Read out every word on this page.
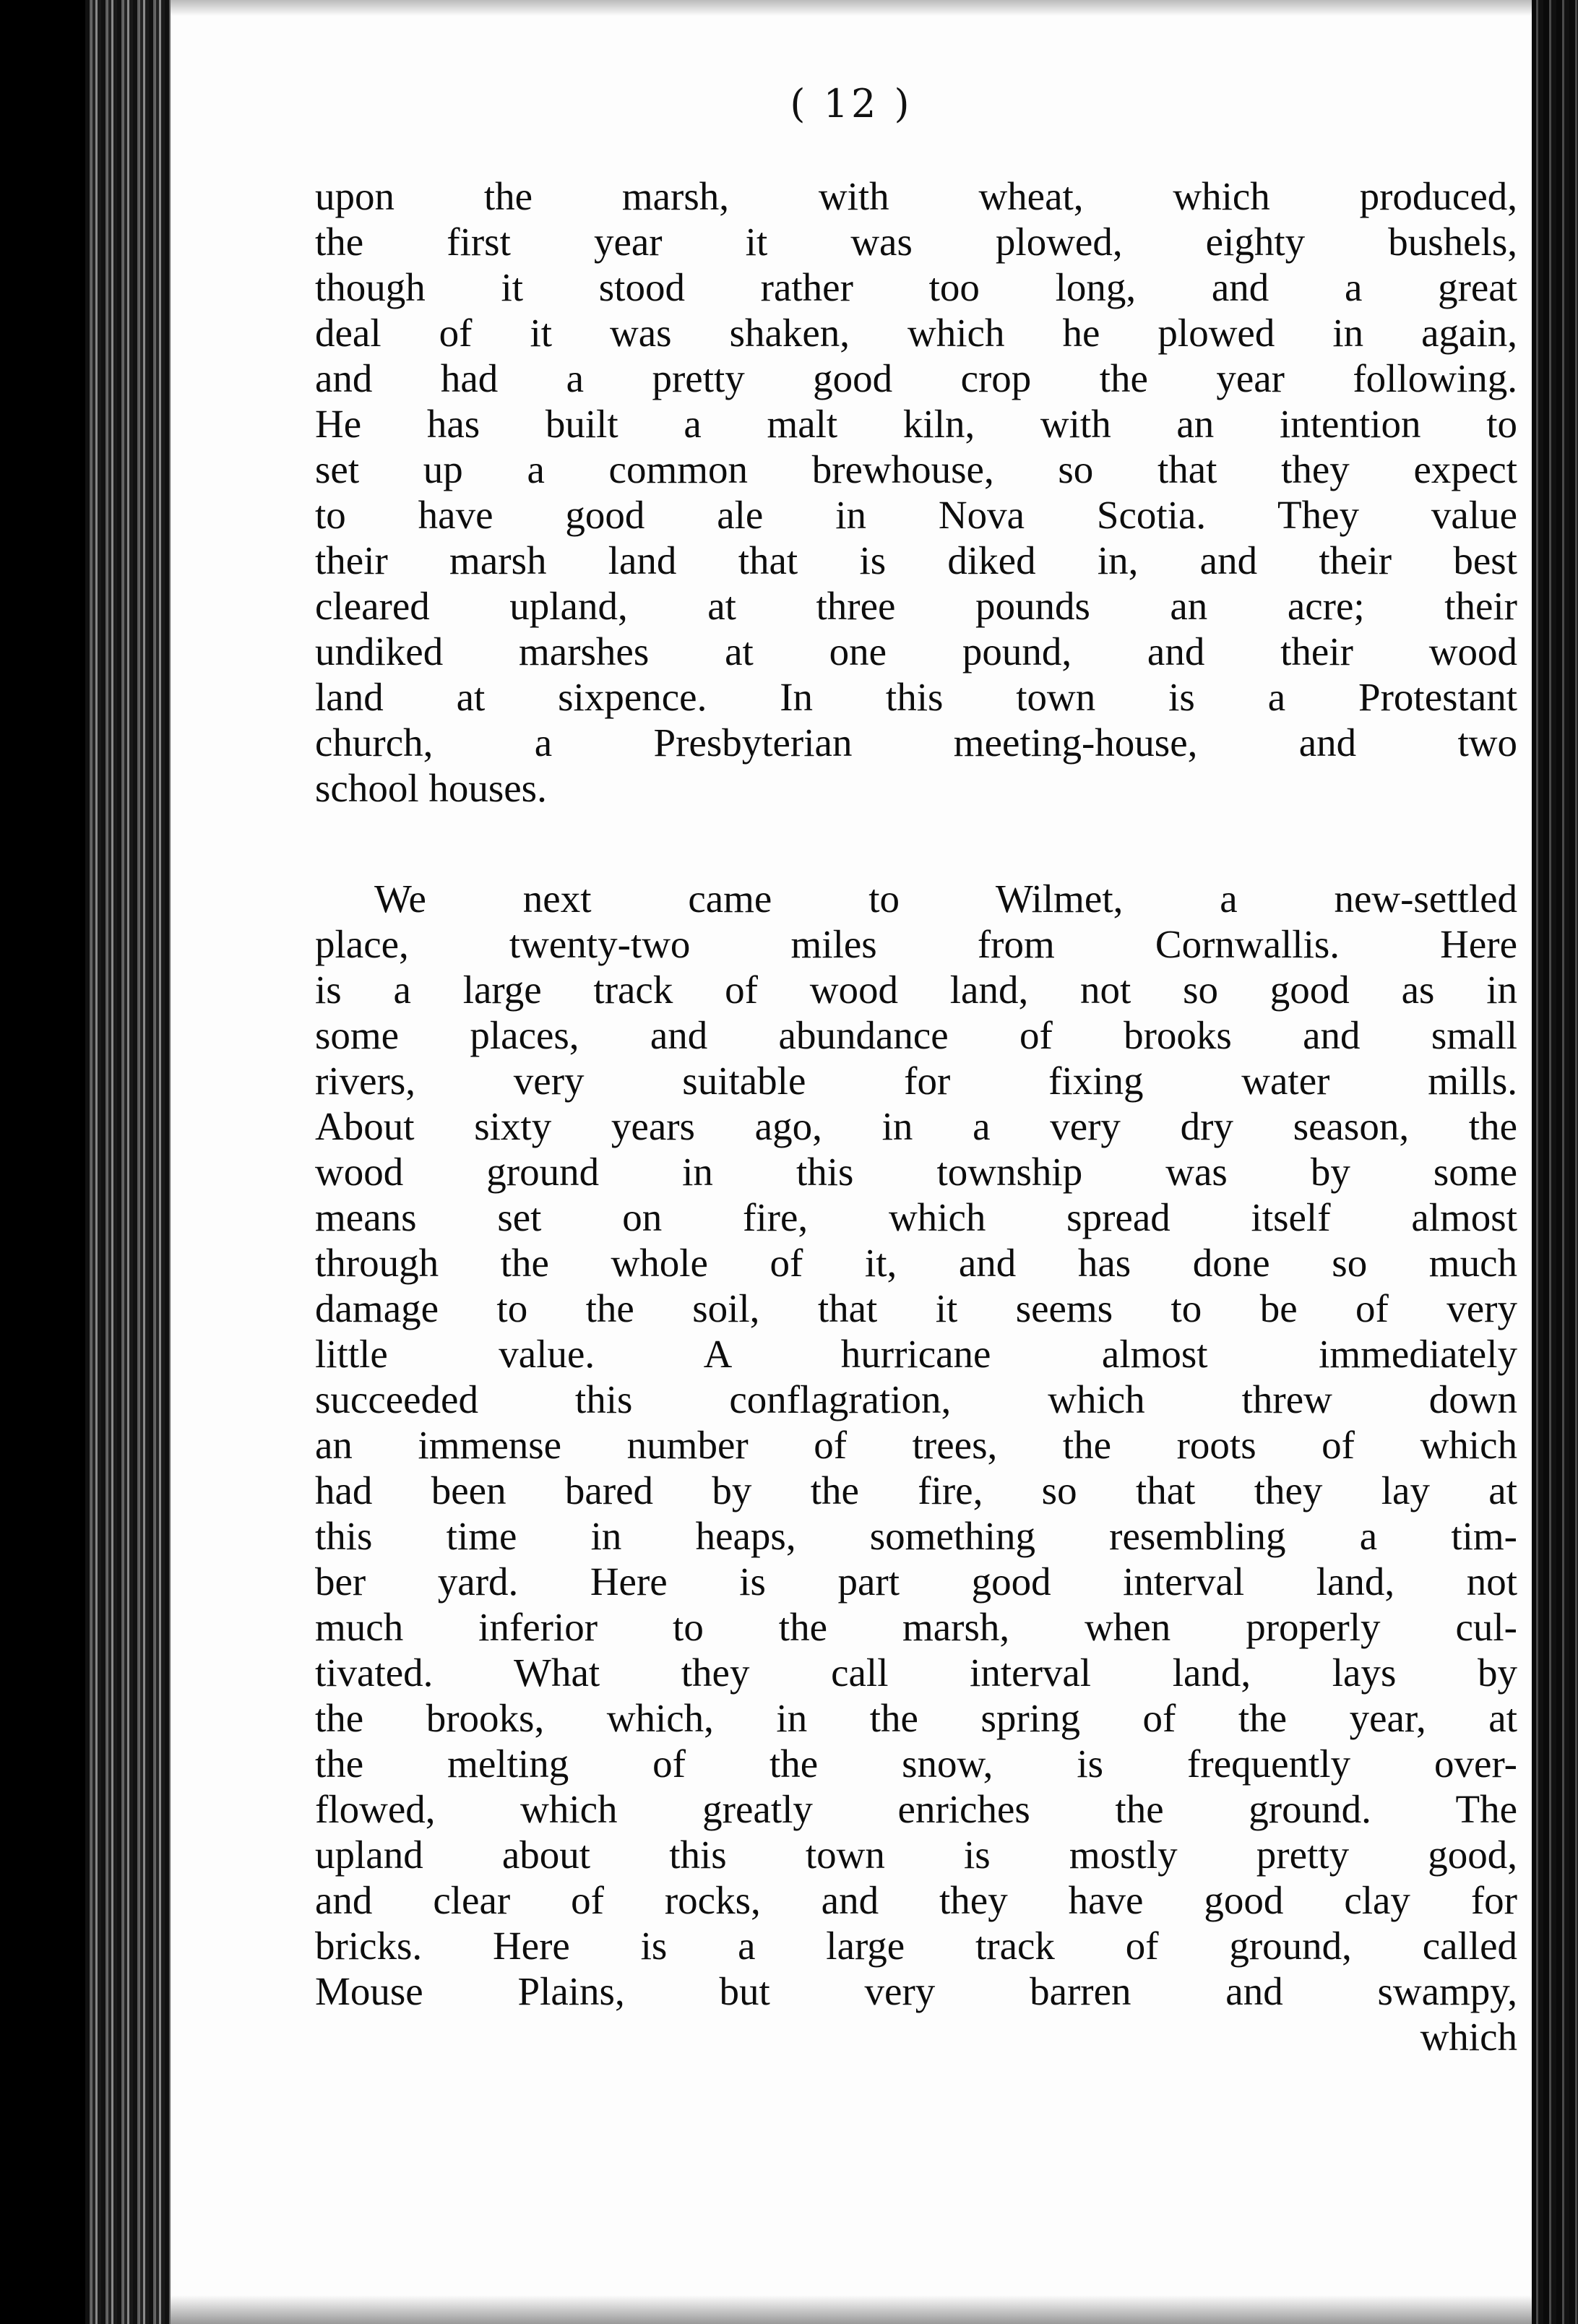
( 12 )
upon the marsh, with wheat, which produced,
the first year it was plowed, eighty bushels,
though it stood rather too long, and a great
deal of it was shaken, which he plowed in again,
and had a pretty good crop the year following.
He has built a malt kiln, with an intention to
set up a common brewhouse, so that they expect
to have good ale in Nova Scotia. They value
their marsh land that is diked in, and their best
cleared upland, at three pounds an acre; their
undiked marshes at one pound, and their wood
land at sixpence. In this town is a Protestant
church, a Presbyterian meeting-house, and two
school houses.
We next came to Wilmet, a new-settled
place, twenty-two miles from Cornwallis. Here
is a large track of wood land, not so good as in
some places, and abundance of brooks and small
rivers, very suitable for fixing water mills.
About sixty years ago, in a very dry season, the
wood ground in this township was by some
means set on fire, which spread itself almost
through the whole of it, and has done so much
damage to the soil, that it seems to be of very
little value. A hurricane almost immediately
succeeded this conflagration, which threw down
an immense number of trees, the roots of which
had been bared by the fire, so that they lay at
this time in heaps, something resembling a tim-
ber yard. Here is part good interval land, not
much inferior to the marsh, when properly cul-
tivated. What they call interval land, lays by
the brooks, which, in the spring of the year, at
the melting of the snow, is frequently over-
flowed, which greatly enriches the ground. The
upland about this town is mostly pretty good,
and clear of rocks, and they have good clay for
bricks. Here is a large track of ground, called
Mouse Plains, but very barren and swampy,
which
